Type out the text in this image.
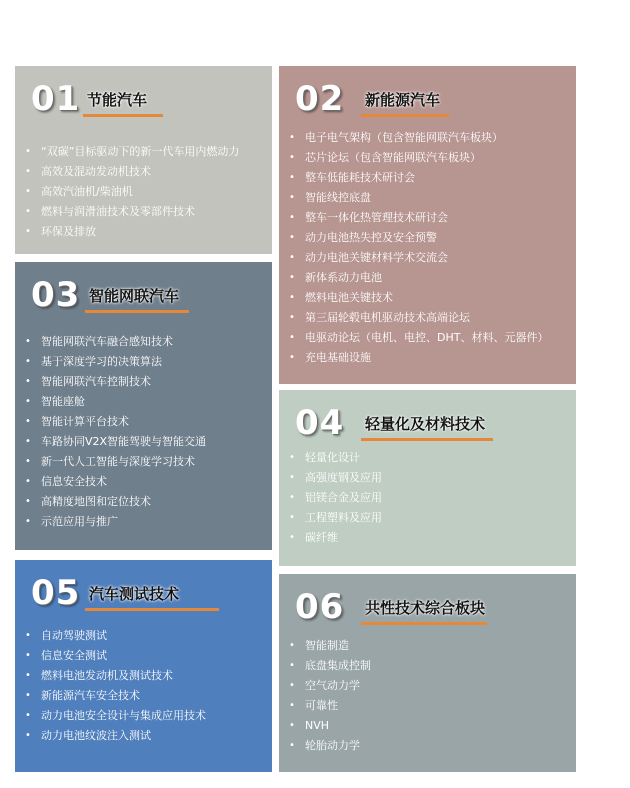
01 节能汽车
• “双碳”目标驱动下的新一代车用内燃动力
• 高效及混动发动机技术
• 高效汽油机/柴油机
• 燃料与润滑油技术及零部件技术
• 环保及排放
02 新能源汽车
• 电子电气架构（包含智能网联汽车板块）
• 芯片论坛（包含智能网联汽车板块）
• 整车低能耗技术研讨会
• 智能线控底盘
• 整车一体化热管理技术研讨会
• 动力电池热失控及安全预警
• 动力电池关键材料学术交流会
• 新体系动力电池
• 燃料电池关键技术
• 第三届轮毂电机驱动技术高端论坛
• 电驱动论坛（电机、电控、DHT、材料、元器件）
• 充电基础设施
03 智能网联汽车
• 智能网联汽车融合感知技术
• 基于深度学习的决策算法
• 智能网联汽车控制技术
• 智能座舱
• 智能计算平台技术
• 车路协同V2X智能驾驶与智能交通
• 新一代人工智能与深度学习技术
• 信息安全技术
• 高精度地图和定位技术
• 示范应用与推广
04 轻量化及材料技术
• 轻量化设计
• 高强度钢及应用
• 铝镁合金及应用
• 工程塑料及应用
• 碳纤维
05 汽车测试技术
• 自动驾驶测试
• 信息安全测试
• 燃料电池发动机及测试技术
• 新能源汽车安全技术
• 动力电池安全设计与集成应用技术
• 动力电池纹波注入测试
06 共性技术综合板块
• 智能制造
• 底盘集成控制
• 空气动力学
• 可靠性
• NVH
• 轮胎动力学
